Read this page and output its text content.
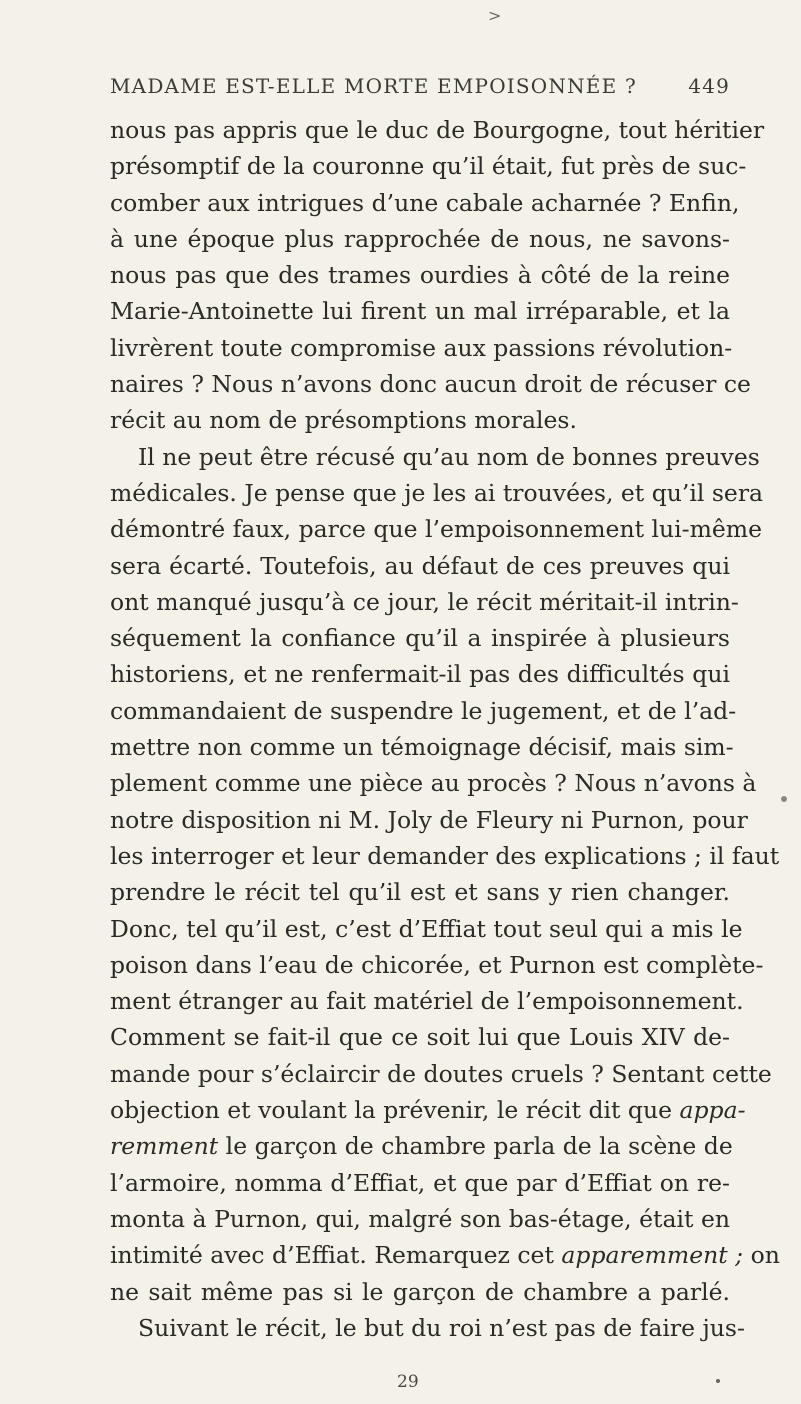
>
MADAME EST-ELLE MORTE EMPOISONNÉE ?	449
nous pas appris que le duc de Bourgogne, tout héritier
présomptif de la couronne qu’il était, fut près de suc-
comber aux intrigues d’une cabale acharnée ? Enfin,
à une époque plus rapprochée de nous, ne savons-
nous pas que des trames ourdies à côté de la reine
Marie-Antoinette lui firent un mal irréparable, et la
livrèrent toute compromise aux passions révolution-
naires ? Nous n’avons donc aucun droit de récuser ce
récit au nom de présomptions morales.
Il ne peut être récusé qu’au nom de bonnes preuves
médicales. Je pense que je les ai trouvées, et qu’il sera
démontré faux, parce que l’empoisonnement lui-même
sera écarté. Toutefois, au défaut de ces preuves qui
ont manqué jusqu’à ce jour, le récit méritait-il intrin-
séquement la confiance qu’il a inspirée à plusieurs
historiens, et ne renfermait-il pas des difficultés qui
commandaient de suspendre le jugement, et de l’ad-
mettre non comme un témoignage décisif, mais sim-
plement comme une pièce au procès ? Nous n’avons à
notre disposition ni M. Joly de Fleury ni Purnon, pour
les interroger et leur demander des explications ; il faut
prendre le récit tel qu’il est et sans y rien changer.
Donc, tel qu’il est, c’est d’Effiat tout seul qui a mis le
poison dans l’eau de chicorée, et Purnon est complète-
ment étranger au fait matériel de l’empoisonnement.
Comment se fait-il que ce soit lui que Louis XIV de-
mande pour s’éclaircir de doutes cruels ? Sentant cette
objection et voulant la prévenir, le récit dit que appa-
remment le garçon de chambre parla de la scène de
l’armoire, nomma d’Effiat, et que par d’Effiat on re-
monta à Purnon, qui, malgré son bas-étage, était en
intimité avec d’Effiat. Remarquez cet apparemment ; on
ne sait même pas si le garçon de chambre a parlé.
Suivant le récit, le but du roi n’est pas de faire jus-
29
